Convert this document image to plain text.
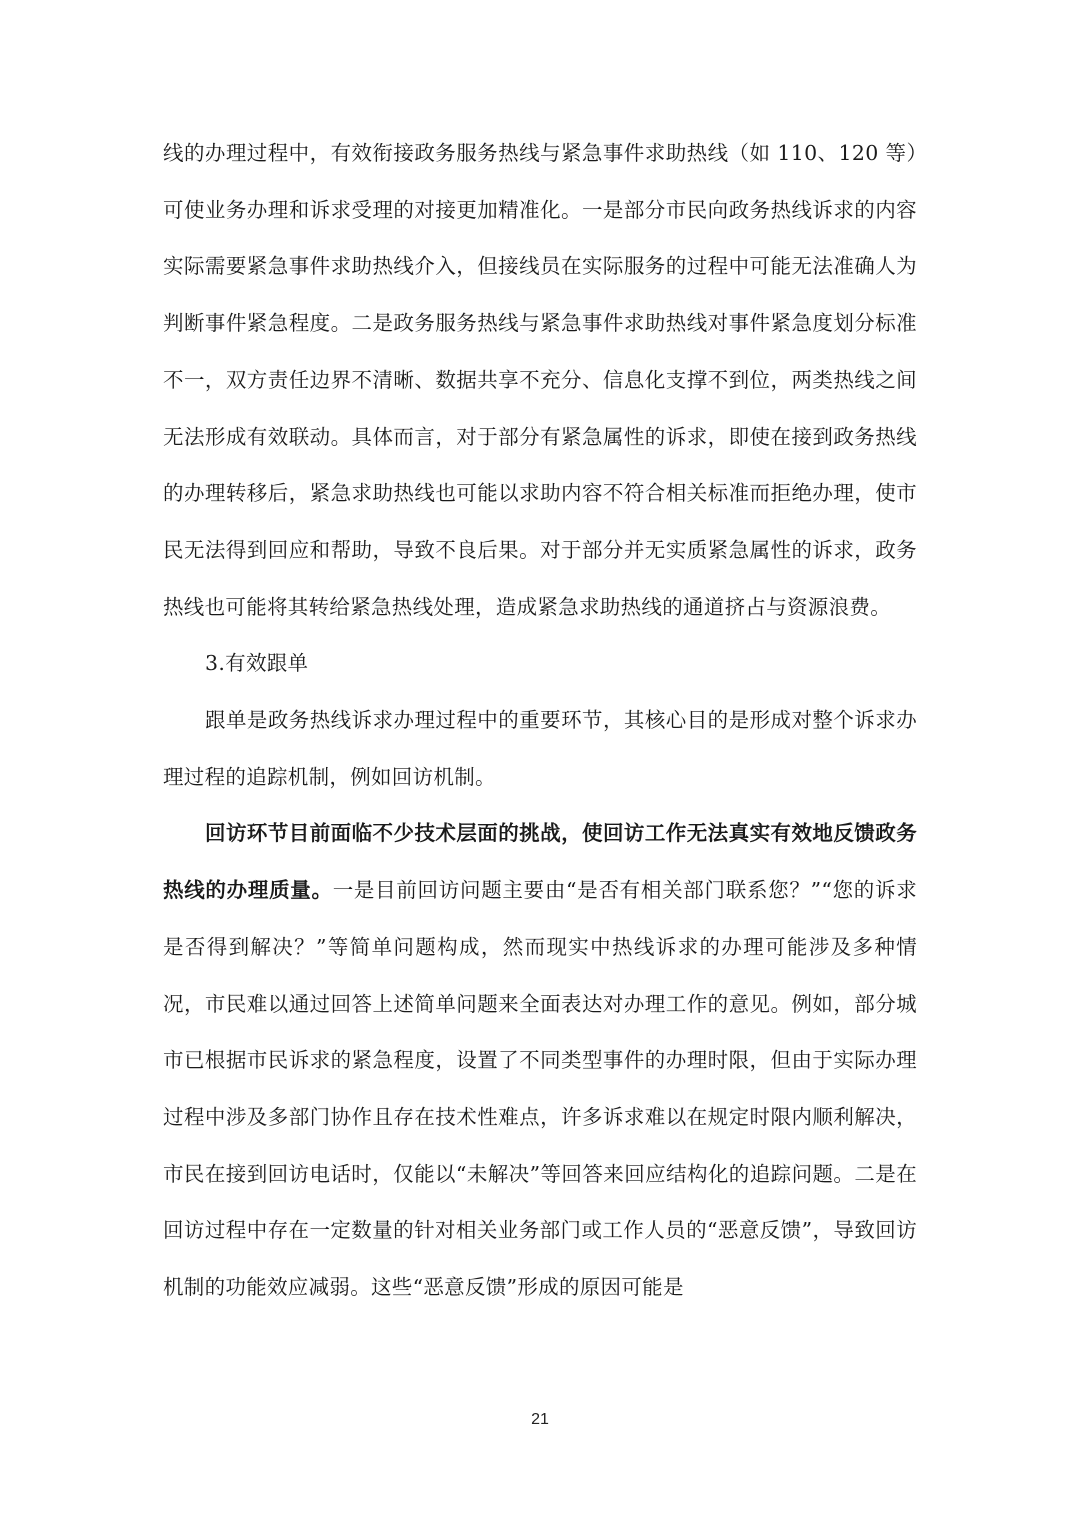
线的办理过程中，有效衔接政务服务热线与紧急事件求助热线（如 110、120 等）可使业务办理和诉求受理的对接更加精准化。一是部分市民向政务热线诉求的内容实际需要紧急事件求助热线介入，但接线员在实际服务的过程中可能无法准确人为判断事件紧急程度。二是政务服务热线与紧急事件求助热线对事件紧急度划分标准不一，双方责任边界不清晰、数据共享不充分、信息化支撑不到位，两类热线之间无法形成有效联动。具体而言，对于部分有紧急属性的诉求，即使在接到政务热线的办理转移后，紧急求助热线也可能以求助内容不符合相关标准而拒绝办理，使市民无法得到回应和帮助，导致不良后果。对于部分并无实质紧急属性的诉求，政务热线也可能将其转给紧急热线处理，造成紧急求助热线的通道挤占与资源浪费。

3.有效跟单

跟单是政务热线诉求办理过程中的重要环节，其核心目的是形成对整个诉求办理过程的追踪机制，例如回访机制。

回访环节目前面临不少技术层面的挑战，使回访工作无法真实有效地反馈政务热线的办理质量。一是目前回访问题主要由“是否有相关部门联系您？”“您的诉求是否得到解决？”等简单问题构成，然而现实中热线诉求的办理可能涉及多种情况，市民难以通过回答上述简单问题来全面表达对办理工作的意见。例如，部分城市已根据市民诉求的紧急程度，设置了不同类型事件的办理时限，但由于实际办理过程中涉及多部门协作且存在技术性难点，许多诉求难以在规定时限内顺利解决，市民在接到回访电话时，仅能以“未解决”等回答来回应结构化的追踪问题。二是在回访过程中存在一定数量的针对相关业务部门或工作人员的“恶意反馈”，导致回访机制的功能效应减弱。这些“恶意反馈”形成的原因可能是

21
